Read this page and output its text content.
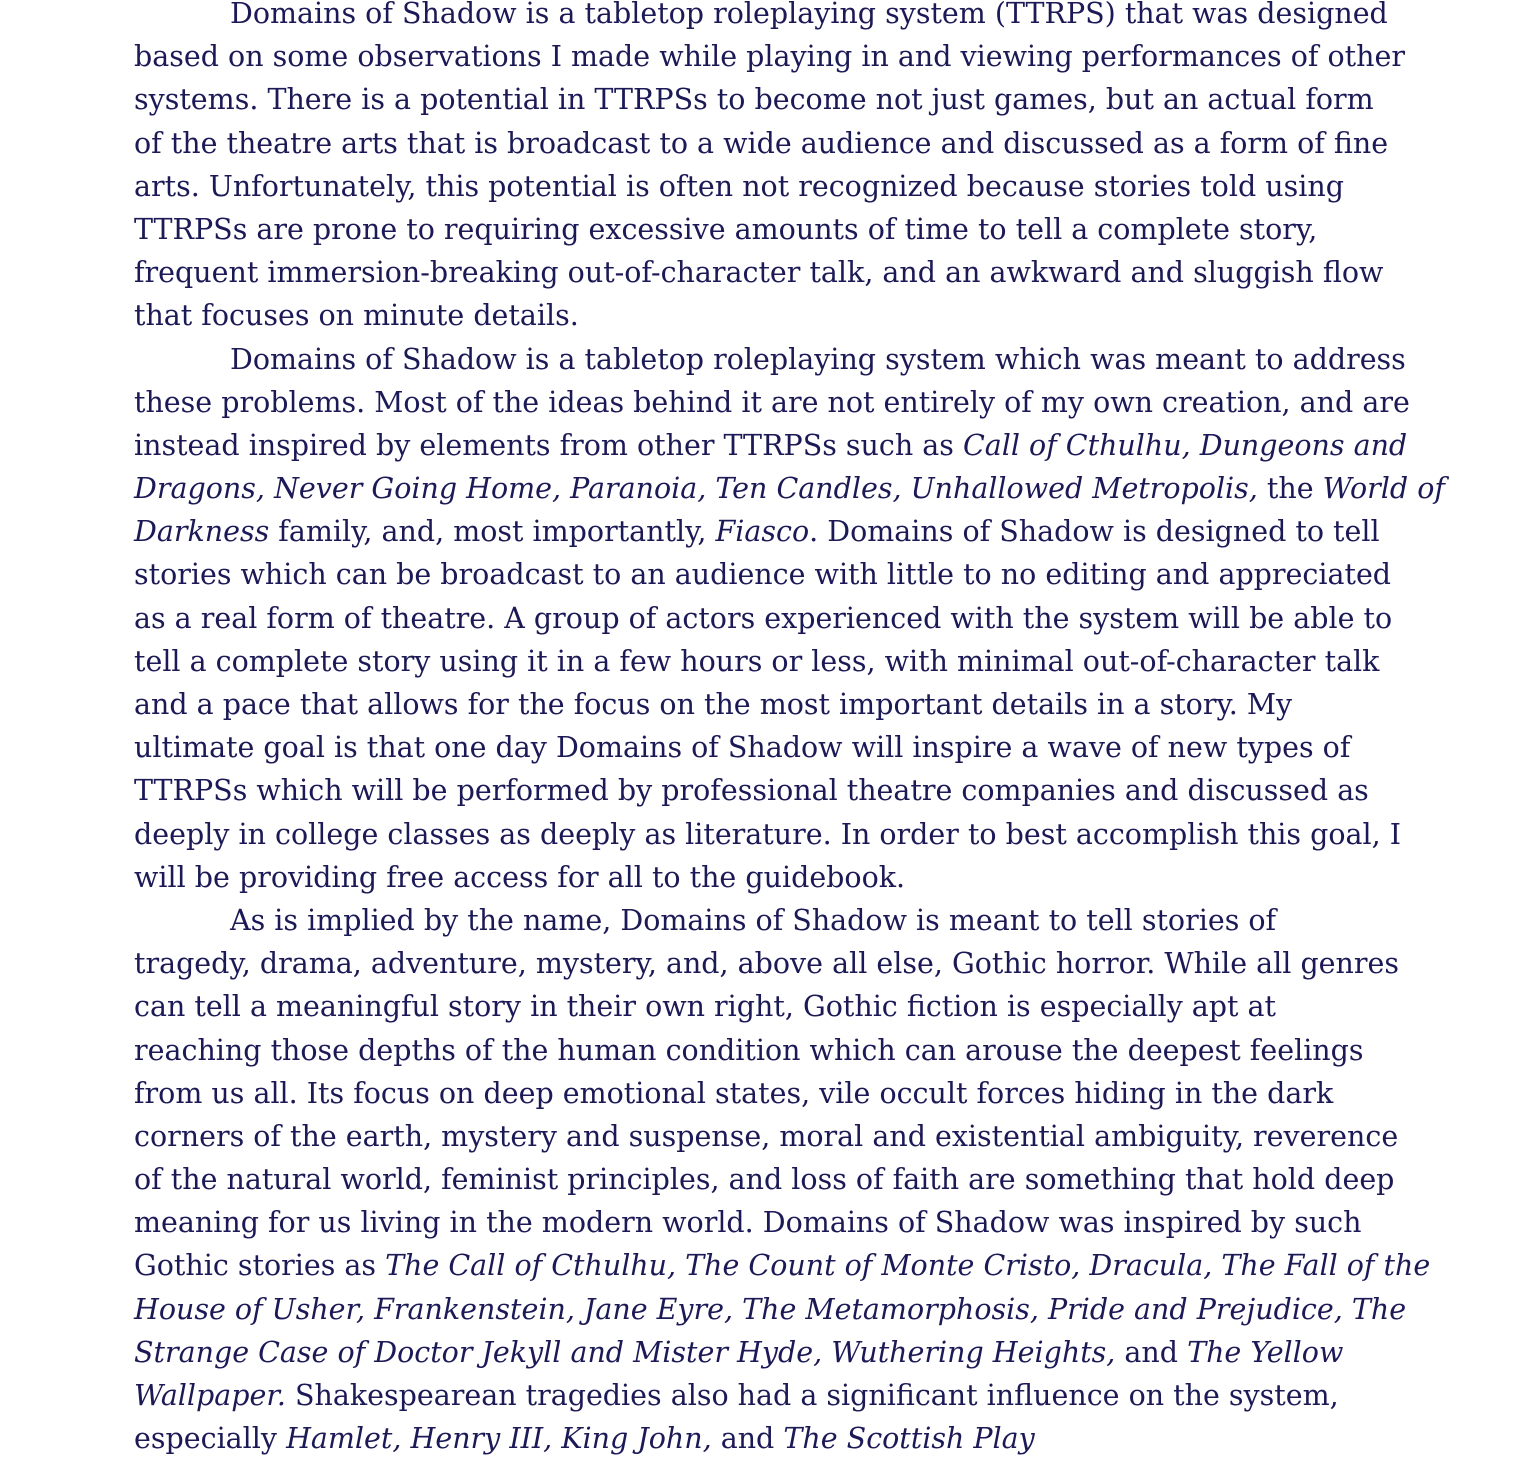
Domains of Shadow is a tabletop roleplaying system (TTRPS) that was designed
based on some observations I made while playing in and viewing performances of other
systems. There is a potential in TTRPSs to become not just games, but an actual form
of the theatre arts that is broadcast to a wide audience and discussed as a form of fine
arts. Unfortunately, this potential is often not recognized because stories told using
TTRPSs are prone to requiring excessive amounts of time to tell a complete story,
frequent immersion-breaking out-of-character talk, and an awkward and sluggish flow
that focuses on minute details.
Domains of Shadow is a tabletop roleplaying system which was meant to address
these problems. Most of the ideas behind it are not entirely of my own creation, and are
instead inspired by elements from other TTRPSs such as Call of Cthulhu, Dungeons and
Dragons, Never Going Home, Paranoia, Ten Candles, Unhallowed Metropolis, the World of
Darkness family, and, most importantly, Fiasco. Domains of Shadow is designed to tell
stories which can be broadcast to an audience with little to no editing and appreciated
as a real form of theatre. A group of actors experienced with the system will be able to
tell a complete story using it in a few hours or less, with minimal out-of-character talk
and a pace that allows for the focus on the most important details in a story. My
ultimate goal is that one day Domains of Shadow will inspire a wave of new types of
TTRPSs which will be performed by professional theatre companies and discussed as
deeply in college classes as deeply as literature. In order to best accomplish this goal, I
will be providing free access for all to the guidebook.
As is implied by the name, Domains of Shadow is meant to tell stories of
tragedy, drama, adventure, mystery, and, above all else, Gothic horror. While all genres
can tell a meaningful story in their own right, Gothic fiction is especially apt at
reaching those depths of the human condition which can arouse the deepest feelings
from us all. Its focus on deep emotional states, vile occult forces hiding in the dark
corners of the earth, mystery and suspense, moral and existential ambiguity, reverence
of the natural world, feminist principles, and loss of faith are something that hold deep
meaning for us living in the modern world. Domains of Shadow was inspired by such
Gothic stories as The Call of Cthulhu, The Count of Monte Cristo, Dracula, The Fall of the
House of Usher, Frankenstein, Jane Eyre, The Metamorphosis, Pride and Prejudice, The
Strange Case of Doctor Jekyll and Mister Hyde, Wuthering Heights, and The Yellow
Wallpaper. Shakespearean tragedies also had a significant influence on the system,
especially Hamlet, Henry III, King John, and The Scottish Play
